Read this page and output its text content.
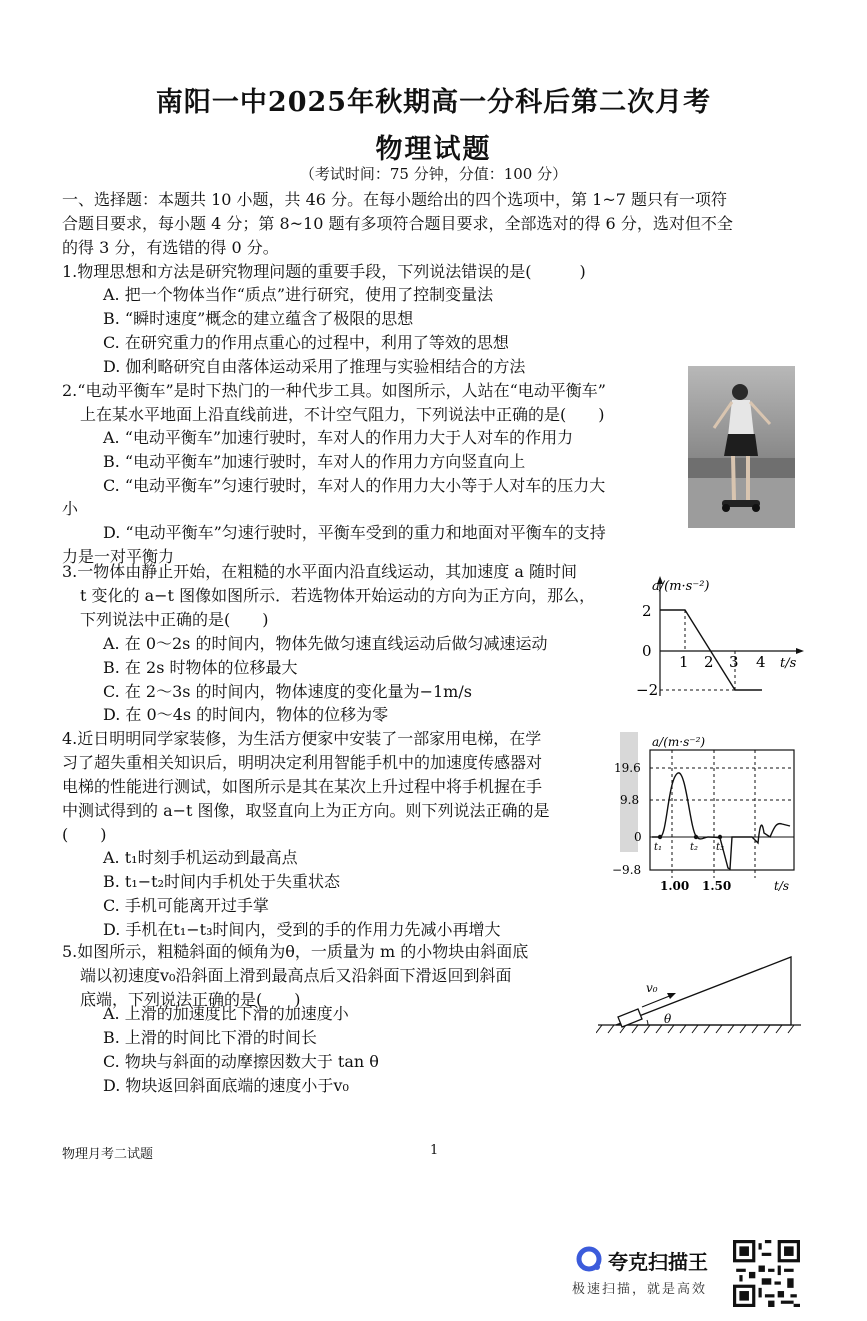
南阳一中2025年秋期高一分科后第二次月考
物理试题
（考试时间：75 分钟，分值：100 分）
一、选择题：本题共 10 小题，共 46 分。在每小题给出的四个选项中，第 1~7 题只有一项符
合题目要求，每小题 4 分；第 8~10 题有多项符合题目要求，全部选对的得 6 分，选对但不全
的得 3 分，有选错的得 0 分。
1.物理思想和方法是研究物理问题的重要手段，下列说法错误的是(　　　)
A. 把一个物体当作“质点”进行研究，使用了控制变量法
B. “瞬时速度”概念的建立蕴含了极限的思想
C. 在研究重力的作用点重心的过程中，利用了等效的思想
D. 伽利略研究自由落体运动采用了推理与实验相结合的方法
2.“电动平衡车”是时下热门的一种代步工具。如图所示，人站在“电动平衡车”
上在某水平地面上沿直线前进，不计空气阻力，下列说法中正确的是(　　)
A. “电动平衡车”加速行驶时，车对人的作用力大于人对车的作用力
B. “电动平衡车”加速行驶时，车对人的作用力方向竖直向上
C. “电动平衡车”匀速行驶时，车对人的作用力大小等于人对车的压力大
小
D. “电动平衡车”匀速行驶时，平衡车受到的重力和地面对平衡车的支持
力是一对平衡力
3.一物体由静止开始，在粗糙的水平面内沿直线运动，其加速度 a 随时间
t 变化的 a−t 图像如图所示．若选物体开始运动的方向为正方向，那么，
下列说法中正确的是(　　)
A. 在 0～2s 的时间内，物体先做匀速直线运动后做匀减速运动
B. 在 2s 时物体的位移最大
C. 在 2～3s 的时间内，物体速度的变化量为−1m/s
D. 在 0～4s 的时间内，物体的位移为零
a/(m·s⁻²)
2
−2
0
1 2 3 4 t/s
4.近日明明同学家装修，为生活方便家中安装了一部家用电梯，在学
习了超失重相关知识后，明明决定利用智能手机中的加速度传感器对
电梯的性能进行测试，如图所示是其在某次上升过程中将手机握在手
中测试得到的 a−t 图像，取竖直向上为正方向。则下列说法正确的是
(　　)
A. t₁时刻手机运动到最高点
B. t₁−t₂时间内手机处于失重状态
C. 手机可能离开过手掌
D. 手机在t₁−t₃时间内，受到的手的作用力先减小再增大
a/(m·s⁻²)
19.6
9.8
0
−9.8
t₁	t₂ t₃
1.00 1.50	t/s
5.如图所示，粗糙斜面的倾角为θ，一质量为 m 的小物块由斜面底
端以初速度v₀沿斜面上滑到最高点后又沿斜面下滑返回到斜面
底端，下列说法正确的是(　　)
A. 上滑的加速度比下滑的加速度小
B. 上滑的时间比下滑的时间长
C. 物块与斜面的动摩擦因数大于 tan θ
D. 物块返回斜面底端的速度小于v₀
v₀
θ
物理月考二试题	1
夸克扫描王
极速扫描，就是高效
